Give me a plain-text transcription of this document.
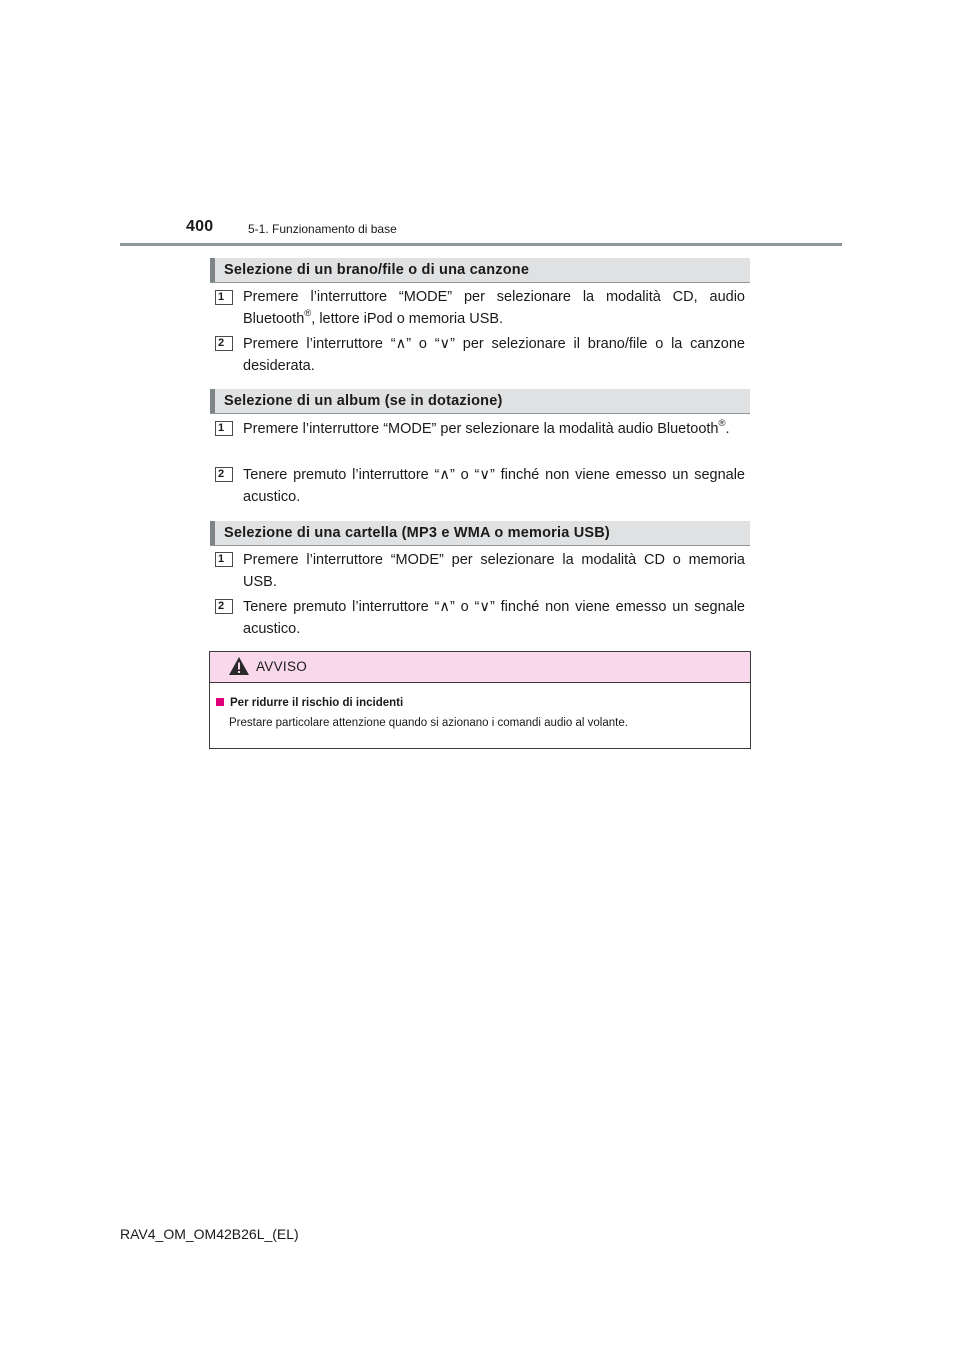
400	5-1. Funzionamento di base
Selezione di un brano/file o di una canzone
1	Premere l’interruttore “MODE” per selezionare la modalità CD, audio Bluetooth®, lettore iPod o memoria USB.
2	Premere l’interruttore “∧” o “∨” per selezionare il brano/file o la canzone desiderata.
Selezione di un album (se in dotazione)
1	Premere l’interruttore “MODE” per selezionare la modalità audio Bluetooth®.
2	Tenere premuto l’interruttore “∧” o “∨” finché non viene emesso un segnale acustico.
Selezione di una cartella (MP3 e WMA o memoria USB)
1	Premere l’interruttore “MODE” per selezionare la modalità CD o memoria USB.
2	Tenere premuto l’interruttore “∧” o “∨” finché non viene emesso un segnale acustico.
AVVISO
Per ridurre il rischio di incidenti
Prestare particolare attenzione quando si azionano i comandi audio al volante.
RAV4_OM_OM42B26L_(EL)
